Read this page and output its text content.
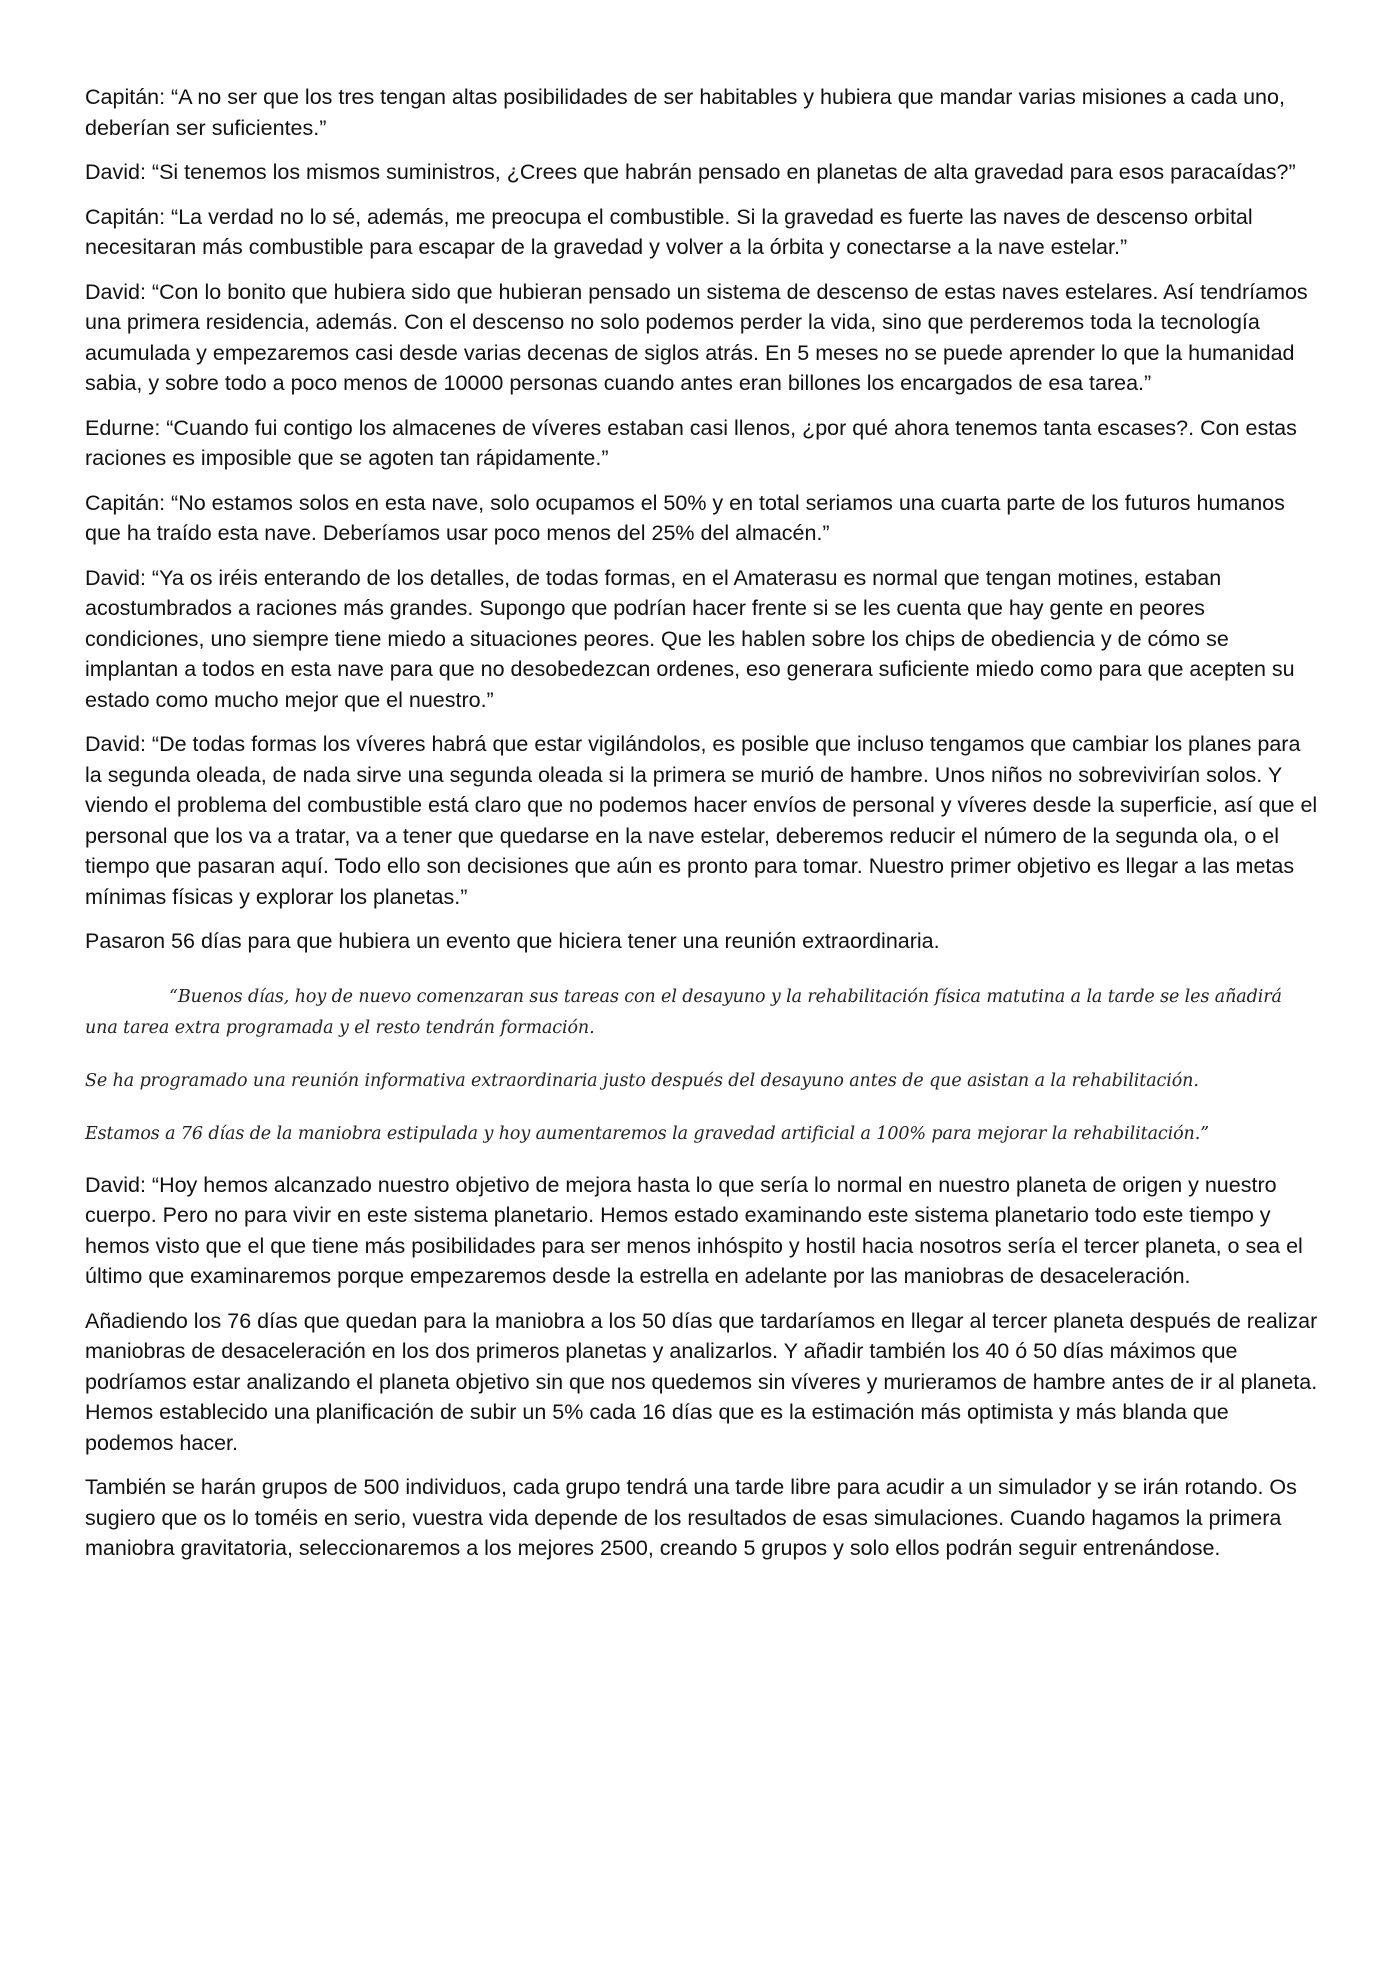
Capitán: “A no ser que los tres tengan altas posibilidades de ser habitables y hubiera que mandar varias misiones a cada uno, deberían ser suficientes.”

David: “Si tenemos los mismos suministros, ¿Crees que habrán pensado en planetas de alta gravedad para esos paracaídas?”

Capitán: “La verdad no lo sé, además, me preocupa el combustible. Si la gravedad es fuerte las naves de descenso orbital necesitaran más combustible para escapar de la gravedad y volver a la órbita y conectarse a la nave estelar.”

David: “Con lo bonito que hubiera sido que hubieran pensado un sistema de descenso de estas naves estelares. Así tendríamos una primera residencia, además. Con el descenso no solo podemos perder la vida, sino que perderemos toda la tecnología acumulada y empezaremos casi desde varias decenas de siglos atrás. En 5 meses no se puede aprender lo que la humanidad sabia, y sobre todo a poco menos de 10000 personas cuando antes eran billones los encargados de esa tarea.”

Edurne: “Cuando fui contigo los almacenes de víveres estaban casi llenos, ¿por qué ahora tenemos tanta escases?. Con estas raciones es imposible que se agoten tan rápidamente.”

Capitán: “No estamos solos en esta nave, solo ocupamos el 50% y en total seriamos una cuarta parte de los futuros humanos que ha traído esta nave. Deberíamos usar poco menos del 25% del almacén.”

David: “Ya os iréis enterando de los detalles, de todas formas, en el Amaterasu es normal que tengan motines, estaban acostumbrados a raciones más grandes. Supongo que podrían hacer frente si se les cuenta que hay gente en peores condiciones, uno siempre tiene miedo a situaciones peores. Que les hablen sobre los chips de obediencia y de cómo se implantan a todos en esta nave para que no desobedezcan ordenes, eso generara suficiente miedo como para que acepten su estado como mucho mejor que el nuestro.”

David: “De todas formas los víveres habrá que estar vigilándolos, es posible que incluso tengamos que cambiar los planes para la segunda oleada, de nada sirve una segunda oleada si la primera se murió de hambre. Unos niños no sobrevivirían solos. Y viendo el problema del combustible está claro que no podemos hacer envíos de personal y víveres desde la superficie, así que el personal que los va a tratar, va a tener que quedarse en la nave estelar, deberemos reducir el número de la segunda ola, o el tiempo que pasaran aquí. Todo ello son decisiones que aún es pronto para tomar. Nuestro primer objetivo es llegar a las metas mínimas físicas y explorar los planetas.”

Pasaron 56 días para que hubiera un evento que hiciera tener una reunión extraordinaria.

“Buenos días, hoy de nuevo comenzaran sus tareas con el desayuno y la rehabilitación física matutina a la tarde se les añadirá una tarea extra programada y el resto tendrán formación.

Se ha programado una reunión informativa extraordinaria justo después del desayuno antes de que asistan a la rehabilitación.

Estamos a 76 días de la maniobra estipulada y hoy aumentaremos la gravedad artificial a 100% para mejorar la rehabilitación.”

David: “Hoy hemos alcanzado nuestro objetivo de mejora hasta lo que sería lo normal en nuestro planeta de origen y nuestro cuerpo. Pero no para vivir en este sistema planetario. Hemos estado examinando este sistema planetario todo este tiempo y hemos visto que el que tiene más posibilidades para ser menos inhóspito y hostil hacia nosotros sería el tercer planeta, o sea el último que examinaremos porque empezaremos desde la estrella en adelante por las maniobras de desaceleración.

Añadiendo los 76 días que quedan para la maniobra a los 50 días que tardaríamos en llegar al tercer planeta después de realizar maniobras de desaceleración en los dos primeros planetas y analizarlos. Y añadir también los 40 ó 50 días máximos que podríamos estar analizando el planeta objetivo sin que nos quedemos sin víveres y murieramos de hambre antes de ir al planeta. Hemos establecido una planificación de subir un 5% cada 16 días que es la estimación más optimista y más blanda que podemos hacer.

También se harán grupos de 500 individuos, cada grupo tendrá una tarde libre para acudir a un simulador y se irán rotando. Os sugiero que os lo toméis en serio, vuestra vida depende de los resultados de esas simulaciones. Cuando hagamos la primera maniobra gravitatoria, seleccionaremos a los mejores 2500, creando 5 grupos y solo ellos podrán seguir entrenándose.
